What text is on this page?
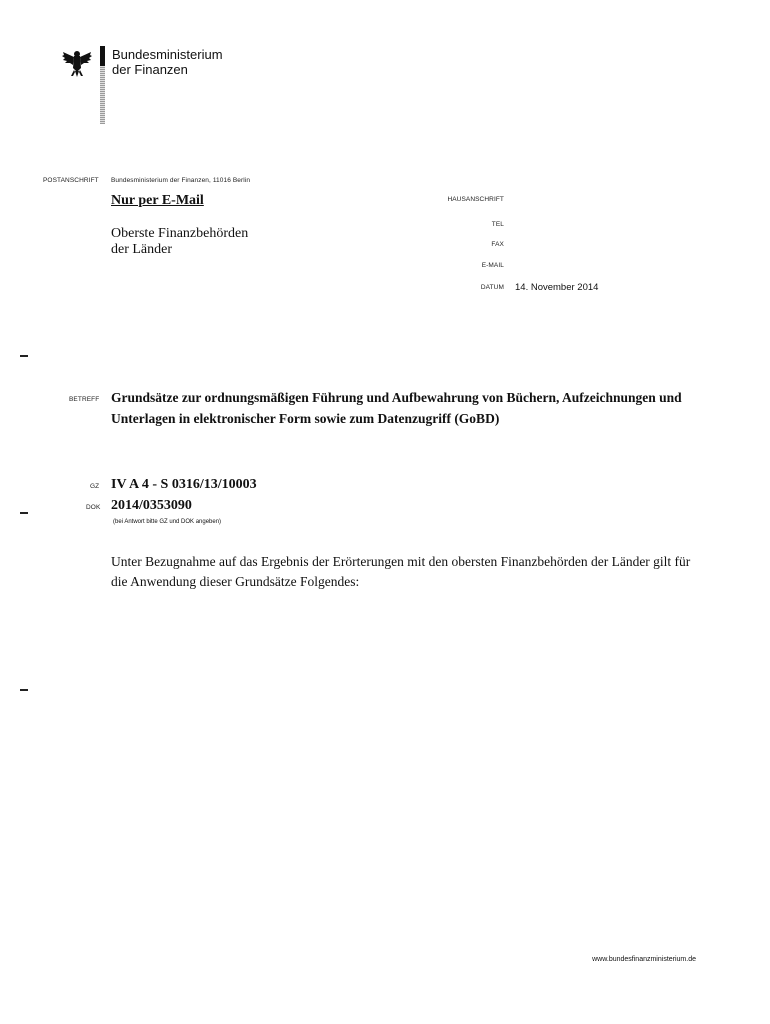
Bundesministerium
der Finanzen
POSTANSCHRIFT Bundesministerium der Finanzen, 11016 Berlin
Nur per E-Mail
Oberste Finanzbehörden
der Länder
HAUSANSCHRIFT
TEL
FAX
E-MAIL
DATUM 14. November 2014
BETREFF Grundsätze zur ordnungsmäßigen Führung und Aufbewahrung von Büchern, Aufzeichnungen und Unterlagen in elektronischer Form sowie zum Datenzugriff (GoBD)
GZ IV A 4 - S 0316/13/10003
DOK 2014/0353090
(bei Antwort bitte GZ und DOK angeben)
Unter Bezugnahme auf das Ergebnis der Erörterungen mit den obersten Finanzbehörden der Länder gilt für die Anwendung dieser Grundsätze Folgendes:
www.bundesfinanzministerium.de
